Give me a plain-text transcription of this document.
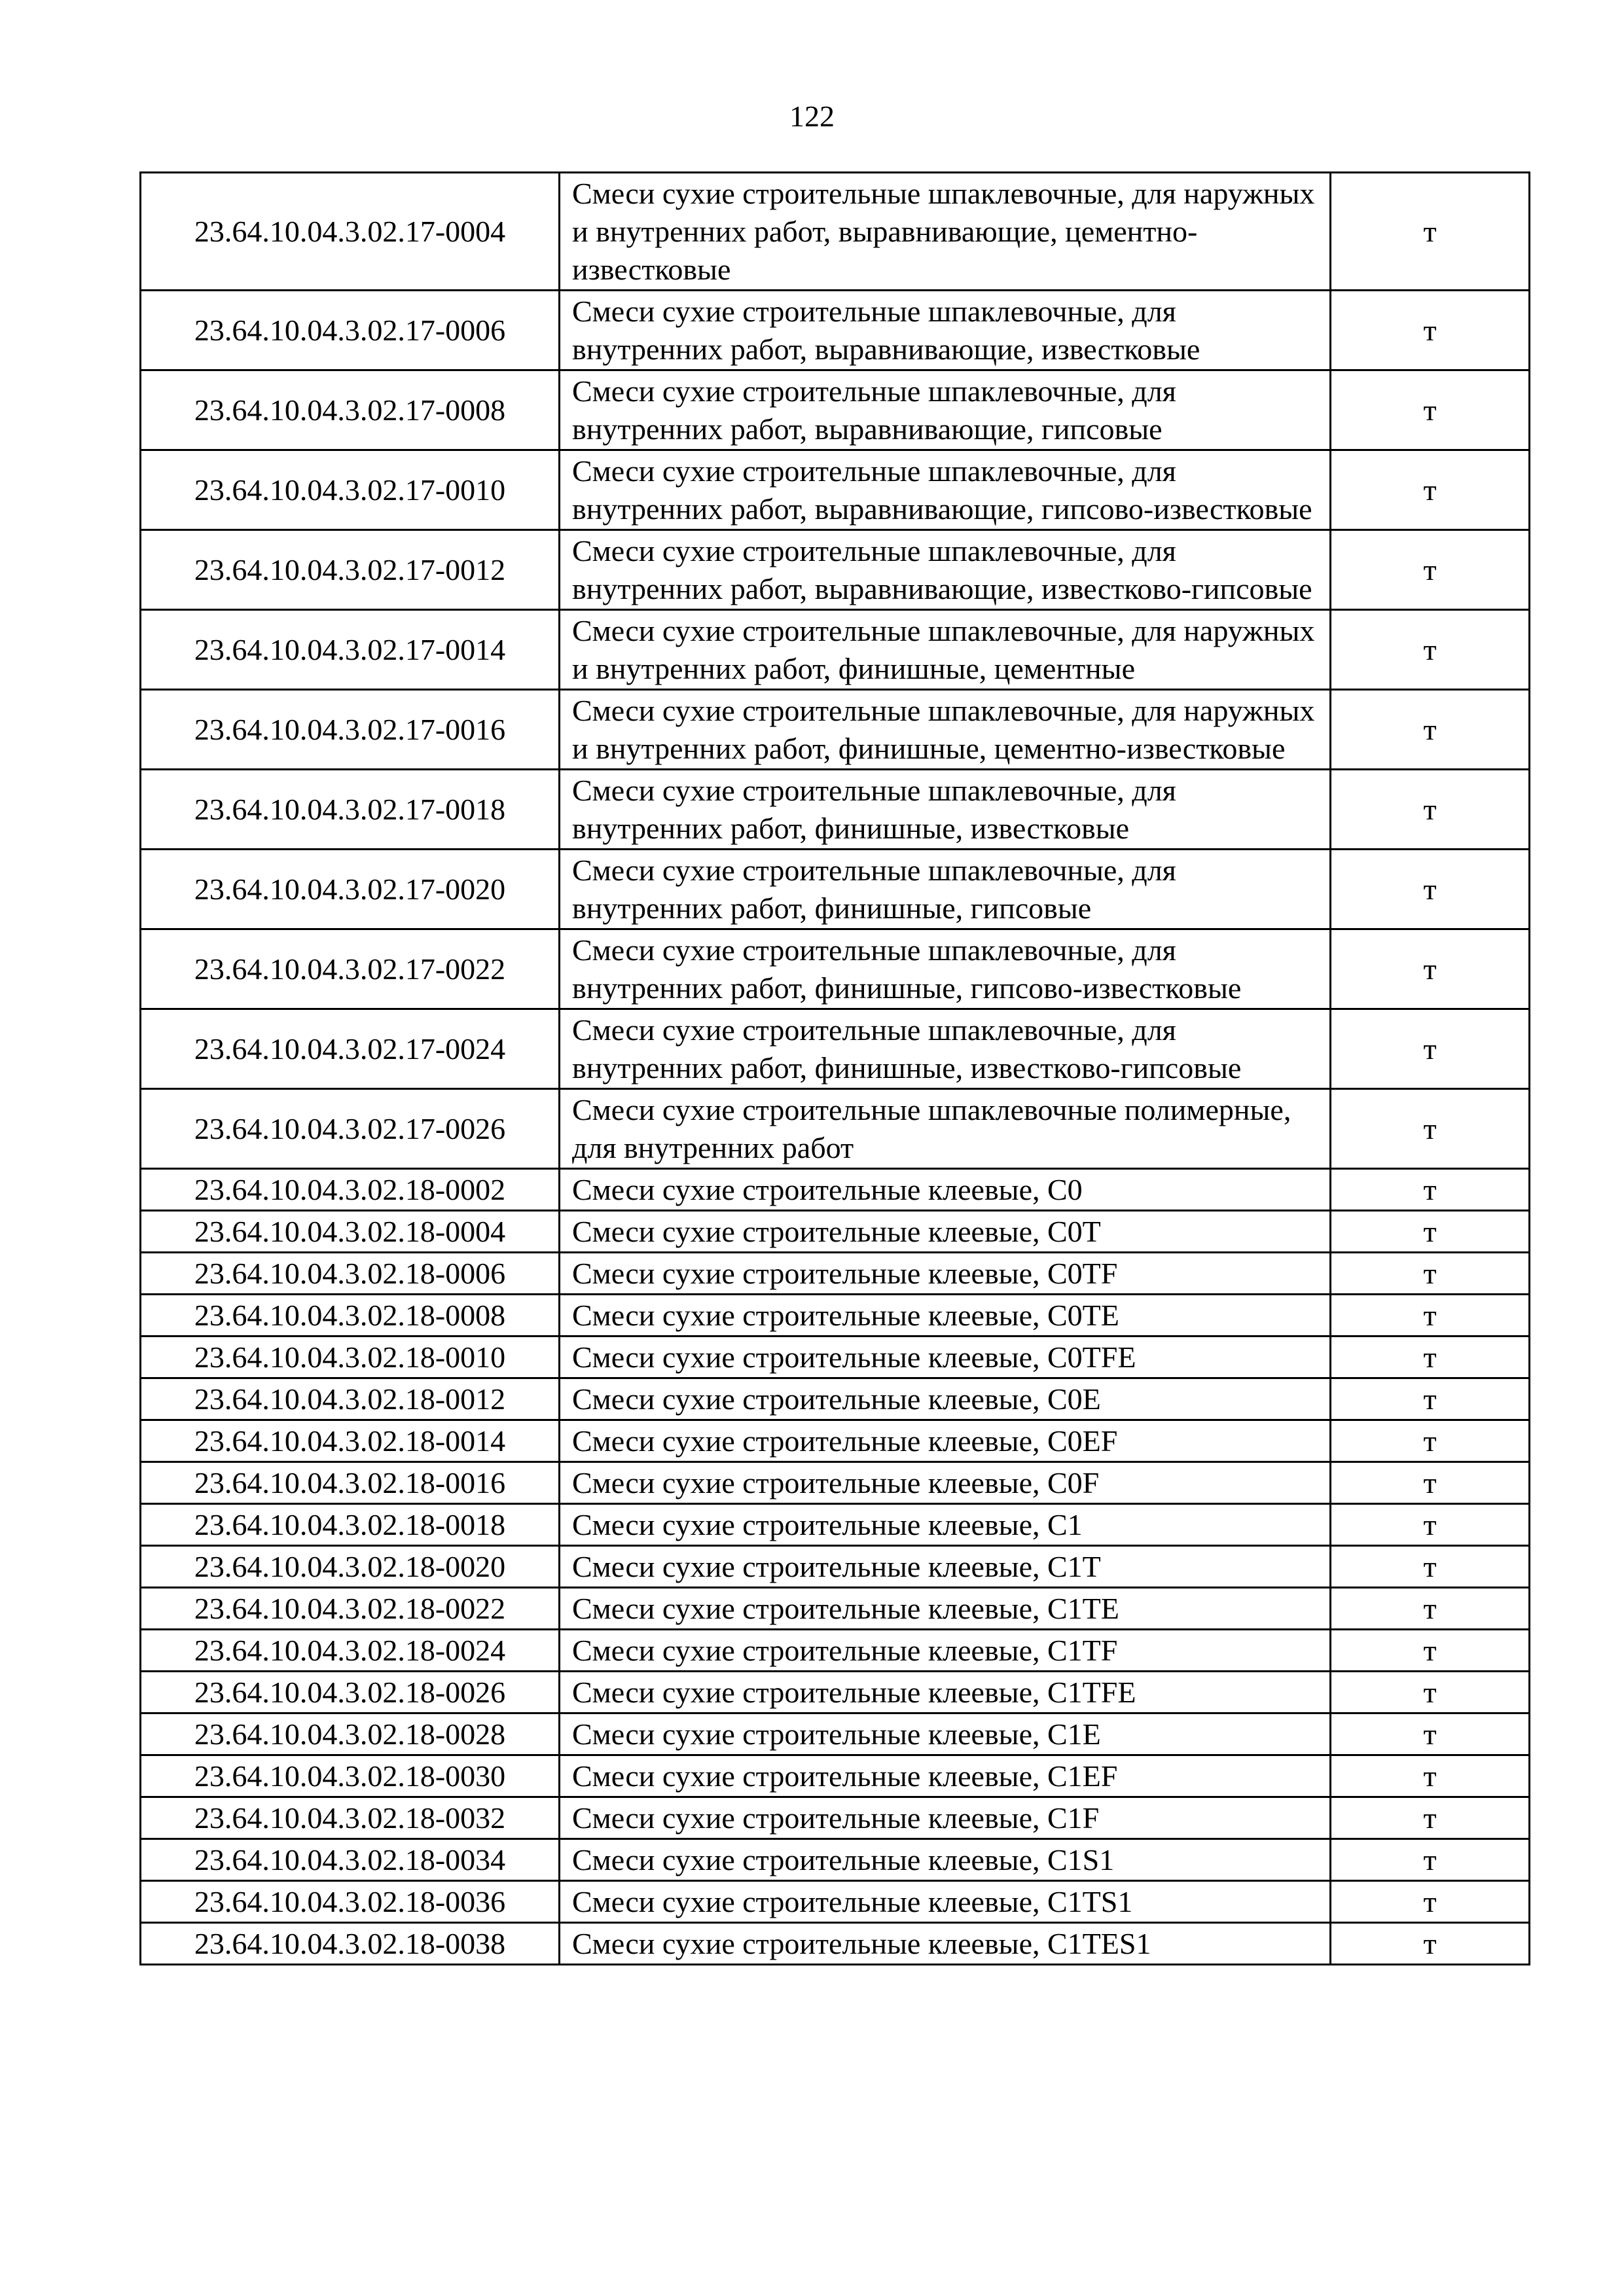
122
23.64.10.04.3.02.17-0004	Смеси сухие строительные шпаклевочные, для наружных и внутренних работ, выравнивающие, цементно-известковые	т
23.64.10.04.3.02.17-0006	Смеси сухие строительные шпаклевочные, для внутренних работ, выравнивающие, известковые	т
23.64.10.04.3.02.17-0008	Смеси сухие строительные шпаклевочные, для внутренних работ, выравнивающие, гипсовые	т
23.64.10.04.3.02.17-0010	Смеси сухие строительные шпаклевочные, для внутренних работ, выравнивающие, гипсово-известковые	т
23.64.10.04.3.02.17-0012	Смеси сухие строительные шпаклевочные, для внутренних работ, выравнивающие, известково-гипсовые	т
23.64.10.04.3.02.17-0014	Смеси сухие строительные шпаклевочные, для наружных и внутренних работ, финишные, цементные	т
23.64.10.04.3.02.17-0016	Смеси сухие строительные шпаклевочные, для наружных и внутренних работ, финишные, цементно-известковые	т
23.64.10.04.3.02.17-0018	Смеси сухие строительные шпаклевочные, для внутренних работ, финишные, известковые	т
23.64.10.04.3.02.17-0020	Смеси сухие строительные шпаклевочные, для внутренних работ, финишные, гипсовые	т
23.64.10.04.3.02.17-0022	Смеси сухие строительные шпаклевочные, для внутренних работ, финишные, гипсово-известковые	т
23.64.10.04.3.02.17-0024	Смеси сухие строительные шпаклевочные, для внутренних работ, финишные, известково-гипсовые	т
23.64.10.04.3.02.17-0026	Смеси сухие строительные шпаклевочные полимерные, для внутренних работ	т
23.64.10.04.3.02.18-0002	Смеси сухие строительные клеевые, C0	т
23.64.10.04.3.02.18-0004	Смеси сухие строительные клеевые, C0T	т
23.64.10.04.3.02.18-0006	Смеси сухие строительные клеевые, C0TF	т
23.64.10.04.3.02.18-0008	Смеси сухие строительные клеевые, C0TE	т
23.64.10.04.3.02.18-0010	Смеси сухие строительные клеевые, C0TFE	т
23.64.10.04.3.02.18-0012	Смеси сухие строительные клеевые, C0E	т
23.64.10.04.3.02.18-0014	Смеси сухие строительные клеевые, C0EF	т
23.64.10.04.3.02.18-0016	Смеси сухие строительные клеевые, C0F	т
23.64.10.04.3.02.18-0018	Смеси сухие строительные клеевые, C1	т
23.64.10.04.3.02.18-0020	Смеси сухие строительные клеевые, C1T	т
23.64.10.04.3.02.18-0022	Смеси сухие строительные клеевые, C1TE	т
23.64.10.04.3.02.18-0024	Смеси сухие строительные клеевые, C1TF	т
23.64.10.04.3.02.18-0026	Смеси сухие строительные клеевые, C1TFE	т
23.64.10.04.3.02.18-0028	Смеси сухие строительные клеевые, C1E	т
23.64.10.04.3.02.18-0030	Смеси сухие строительные клеевые, C1EF	т
23.64.10.04.3.02.18-0032	Смеси сухие строительные клеевые, C1F	т
23.64.10.04.3.02.18-0034	Смеси сухие строительные клеевые, C1S1	т
23.64.10.04.3.02.18-0036	Смеси сухие строительные клеевые, C1TS1	т
23.64.10.04.3.02.18-0038	Смеси сухие строительные клеевые, C1TES1	т
